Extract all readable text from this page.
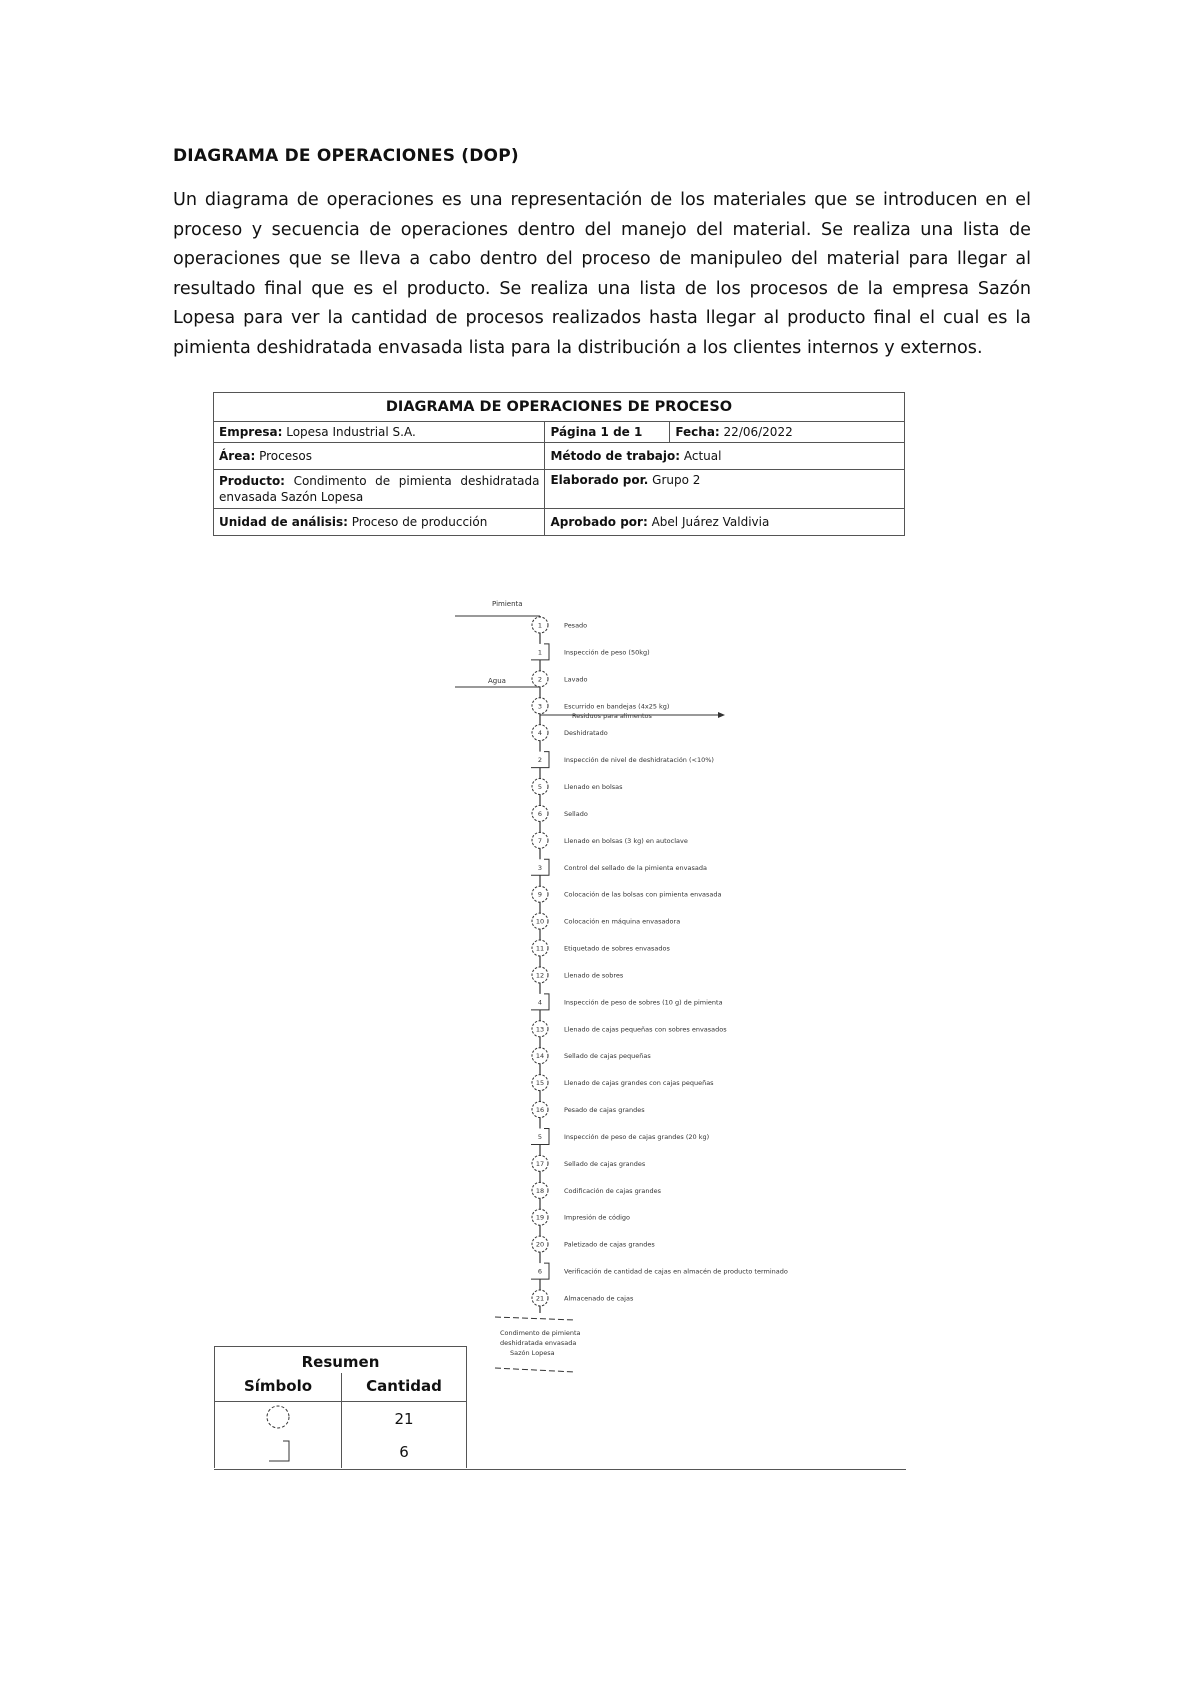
DIAGRAMA DE OPERACIONES (DOP)

Un diagrama de operaciones es una representación de los materiales que se introducen en el proceso y secuencia de operaciones dentro del manejo del material. Se realiza una lista de operaciones que se lleva a cabo dentro del proceso de manipuleo del material para llegar al resultado final que es el producto. Se realiza una lista de los procesos de la empresa Sazón Lopesa para ver la cantidad de procesos realizados hasta llegar al producto final el cual es la pimienta deshidratada envasada lista para la distribución a los clientes internos y externos.

DIAGRAMA DE OPERACIONES DE PROCESO		
Empresa: Lopesa Industrial S.A.	Página 1 de 1	Fecha: 22/06/2022
Área: Procesos	Método de trabajo: Actual	
Producto: Condimento de pimienta deshidratada envasada Sazón Lopesa	Elaborado por. Grupo 2	
Unidad de análisis: Proceso de producción	Aprobado por: Abel Juárez Valdivia	
Pimienta
Agua
Residuos para alimentos
1	Pesado
1	Inspección de peso (50kg)
2	Lavado
3	Escurrido en bandejas (4x25 kg)
4	Deshidratado
2	Inspección de nivel de deshidratación (<10%)
5	Llenado en bolsas
6	Sellado
7	Llenado en bolsas (3 kg) en autoclave
3	Control del sellado de la pimienta envasada
9	Colocación de las bolsas con pimienta envasada
10	Colocación en máquina envasadora
11	Etiquetado de sobres envasados
12	Llenado de sobres
4	Inspección de peso de sobres (10 g) de pimienta
13	Llenado de cajas pequeñas con sobres envasados
14	Sellado de cajas pequeñas
15	Llenado de cajas grandes con cajas pequeñas
16	Pesado de cajas grandes
5	Inspección de peso de cajas grandes (20 kg)
17	Sellado de cajas grandes
18	Codificación de cajas grandes
19	Impresión de código
20	Paletizado de cajas grandes
6	Verificación de cantidad de cajas en almacén de producto terminado
21	Almacenado de cajas
Condimento de pimienta deshidratada envasada Sazón Lopesa
Resumen	
Símbolo	Cantidad
	21
	6
